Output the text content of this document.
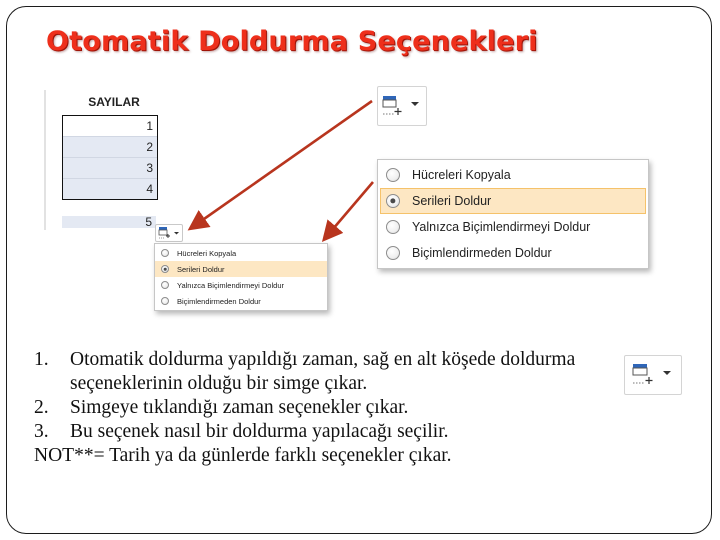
Otomatik Doldurma Seçenekleri
SAYILAR
1
2
3
4
5
Hücreleri Kopyala
Serileri Doldur
Yalnızca Biçimlendirmeyi Doldur
Biçimlendirmeden Doldur
Hücreleri Kopyala
Serileri Doldur
Yalnızca Biçimlendirmeyi Doldur
Biçimlendirmeden Doldur
1.	Otomatik doldurma yapıldığı zaman, sağ en alt köşede doldurma seçeneklerinin olduğu bir simge çıkar.
2.	Simgeye tıklandığı zaman seçenekler çıkar.
3.	Bu seçenek nasıl bir doldurma yapılacağı seçilir.
NOT**= Tarih ya da günlerde farklı seçenekler çıkar.
